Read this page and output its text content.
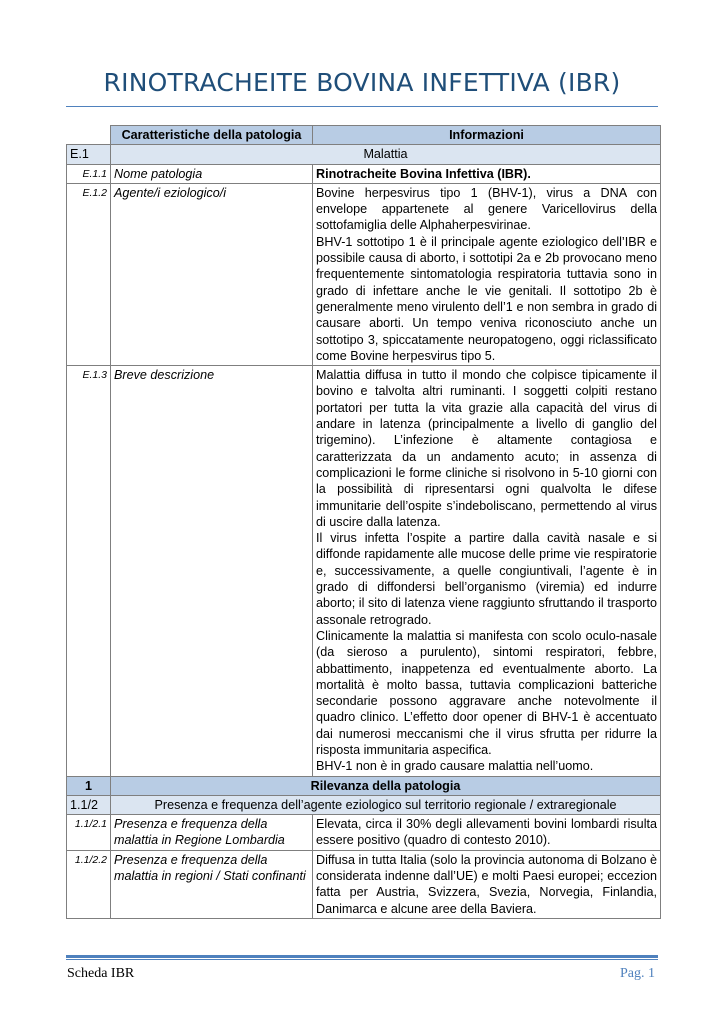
RINOTRACHEITE BOVINA INFETTIVA (IBR)
	Caratteristiche della patologia	Informazioni
E.1	Malattia	
E.1.1	Nome patologia	Rinotracheite Bovina Infettiva (IBR).
E.1.2	Agente/i eziologico/i	Bovine herpesvirus tipo 1 (BHV-1), virus a DNA con envelope appartenete al genere Varicellovirus della sottofamiglia delle Alphaherpesvirinae.

BHV-1 sottotipo 1 è il principale agente eziologico dell’IBR e possibile causa di aborto, i sottotipi 2a e 2b provocano meno frequentemente sintomatologia respiratoria tuttavia sono in grado di infettare anche le vie genitali. Il sottotipo 2b è generalmente meno virulento dell’1 e non sembra in grado di causare aborti. Un tempo veniva riconosciuto anche un sottotipo 3, spiccatamente neuropatogeno, oggi riclassificato come Bovine herpesvirus tipo 5.

E.1.3	Breve descrizione	Malattia diffusa in tutto il mondo che colpisce tipicamente il bovino e talvolta altri ruminanti. I soggetti colpiti restano portatori per tutta la vita grazie alla capacità del virus di andare in latenza (principalmente a livello di ganglio del trigemino). L’infezione è altamente contagiosa e caratterizzata da un andamento acuto; in assenza di complicazioni le forme cliniche si risolvono in 5-10 giorni con la possibilità di ripresentarsi ogni qualvolta le difese immunitarie dell’ospite s’indeboliscano, permettendo al virus di uscire dalla latenza.

Il virus infetta l’ospite a partire dalla cavità nasale e si diffonde rapidamente alle mucose delle prime vie respiratorie e, successivamente, a quelle congiuntivali, l’agente è in grado di diffondersi bell’organismo (viremia) ed indurre aborto; il sito di latenza viene raggiunto sfruttando il trasporto assonale retrogrado.

Clinicamente la malattia si manifesta con scolo oculo-nasale (da sieroso a purulento), sintomi respiratori, febbre, abbattimento, inappetenza ed eventualmente aborto. La mortalità è molto bassa, tuttavia complicazioni batteriche secondarie possono aggravare anche notevolmente il quadro clinico. L’effetto door opener di BHV-1 è accentuato dai numerosi meccanismi che il virus sfrutta per ridurre la risposta immunitaria aspecifica.

BHV-1 non è in grado causare malattia nell’uomo.

1	Rilevanza della patologia	
1.1/2	Presenza e frequenza dell’agente eziologico sul territorio regionale / extraregionale	
1.1/2.1	Presenza e frequenza della malattia in Regione Lombardia	Elevata, circa il 30% degli allevamenti bovini lombardi risulta essere positivo (quadro di contesto 2010).
1.1/2.2	Presenza e frequenza della malattia in regioni / Stati confinanti	Diffusa in tutta Italia (solo la provincia autonoma di Bolzano è considerata indenne dall’UE) e molti Paesi europei; eccezion fatta per Austria, Svizzera, Svezia, Norvegia, Finlandia, Danimarca e alcune aree della Baviera.
Scheda IBR	Pag. 1
